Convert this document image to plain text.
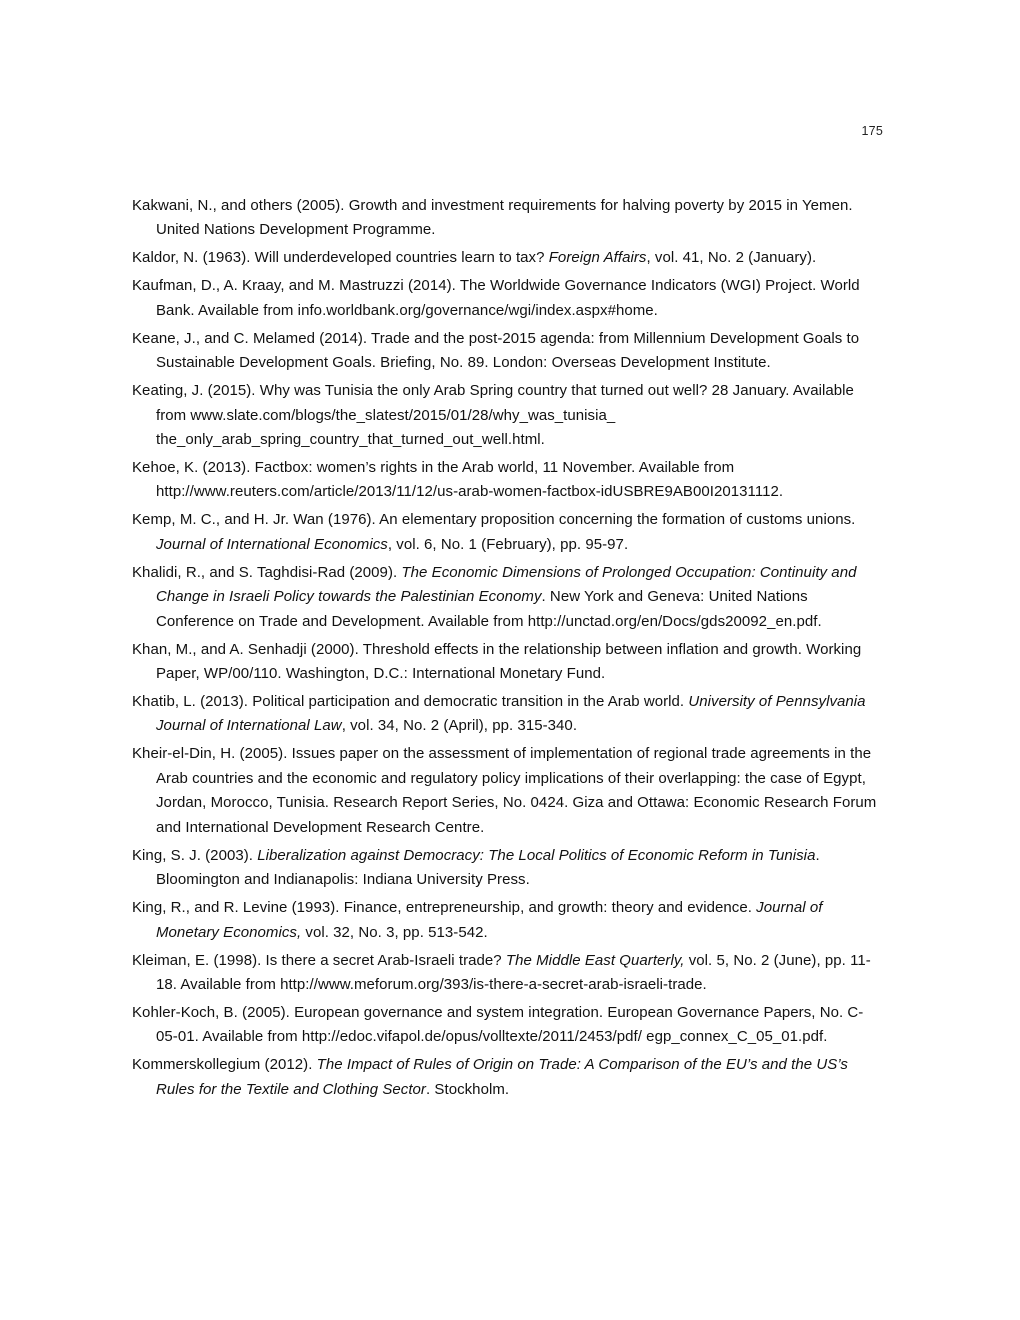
175

Kakwani, N., and others (2005). Growth and investment requirements for halving poverty by 2015 in Yemen. United Nations Development Programme.

Kaldor, N. (1963). Will underdeveloped countries learn to tax? Foreign Affairs, vol. 41, No. 2 (January).

Kaufman, D., A. Kraay, and M. Mastruzzi (2014). The Worldwide Governance Indicators (WGI) Project. World Bank. Available from info.worldbank.org/governance/wgi/index.aspx#home.

Keane, J., and C. Melamed (2014). Trade and the post-2015 agenda: from Millennium Development Goals to Sustainable Development Goals. Briefing, No. 89. London: Overseas Development Institute.

Keating, J. (2015). Why was Tunisia the only Arab Spring country that turned out well? 28 January. Available from www.slate.com/blogs/the_slatest/2015/01/28/why_was_tunisia_ the_only_arab_spring_country_that_turned_out_well.html.

Kehoe, K. (2013). Factbox: women’s rights in the Arab world, 11 November. Available from http://www.reuters.com/article/2013/11/12/us-arab-women-factbox-idUSBRE9AB00I20131112.

Kemp, M. C., and H. Jr. Wan (1976). An elementary proposition concerning the formation of customs unions. Journal of International Economics, vol. 6, No. 1 (February), pp. 95-97.

Khalidi, R., and S. Taghdisi-Rad (2009). The Economic Dimensions of Prolonged Occupation: Continuity and Change in Israeli Policy towards the Palestinian Economy. New York and Geneva: United Nations Conference on Trade and Development. Available from http://unctad.org/en/Docs/gds20092_en.pdf.

Khan, M., and A. Senhadji (2000). Threshold effects in the relationship between inflation and growth. Working Paper, WP/00/110. Washington, D.C.: International Monetary Fund.

Khatib, L. (2013). Political participation and democratic transition in the Arab world. University of Pennsylvania Journal of International Law, vol. 34, No. 2 (April), pp. 315-340.

Kheir-el-Din, H. (2005). Issues paper on the assessment of implementation of regional trade agreements in the Arab countries and the economic and regulatory policy implications of their overlapping: the case of Egypt, Jordan, Morocco, Tunisia. Research Report Series, No. 0424. Giza and Ottawa: Economic Research Forum and International Development Research Centre.

King, S. J. (2003). Liberalization against Democracy: The Local Politics of Economic Reform in Tunisia. Bloomington and Indianapolis: Indiana University Press.

King, R., and R. Levine (1993). Finance, entrepreneurship, and growth: theory and evidence. Journal of Monetary Economics, vol. 32, No. 3, pp. 513-542.

Kleiman, E. (1998). Is there a secret Arab-Israeli trade? The Middle East Quarterly, vol. 5, No. 2 (June), pp. 11-18. Available from http://www.meforum.org/393/is-there-a-secret-arab-israeli-trade.

Kohler-Koch, B. (2005). European governance and system integration. European Governance Papers, No. C-05-01. Available from http://edoc.vifapol.de/opus/volltexte/2011/2453/pdf/ egp_connex_C_05_01.pdf.

Kommerskollegium (2012). The Impact of Rules of Origin on Trade: A Comparison of the EU’s and the US’s Rules for the Textile and Clothing Sector. Stockholm.
